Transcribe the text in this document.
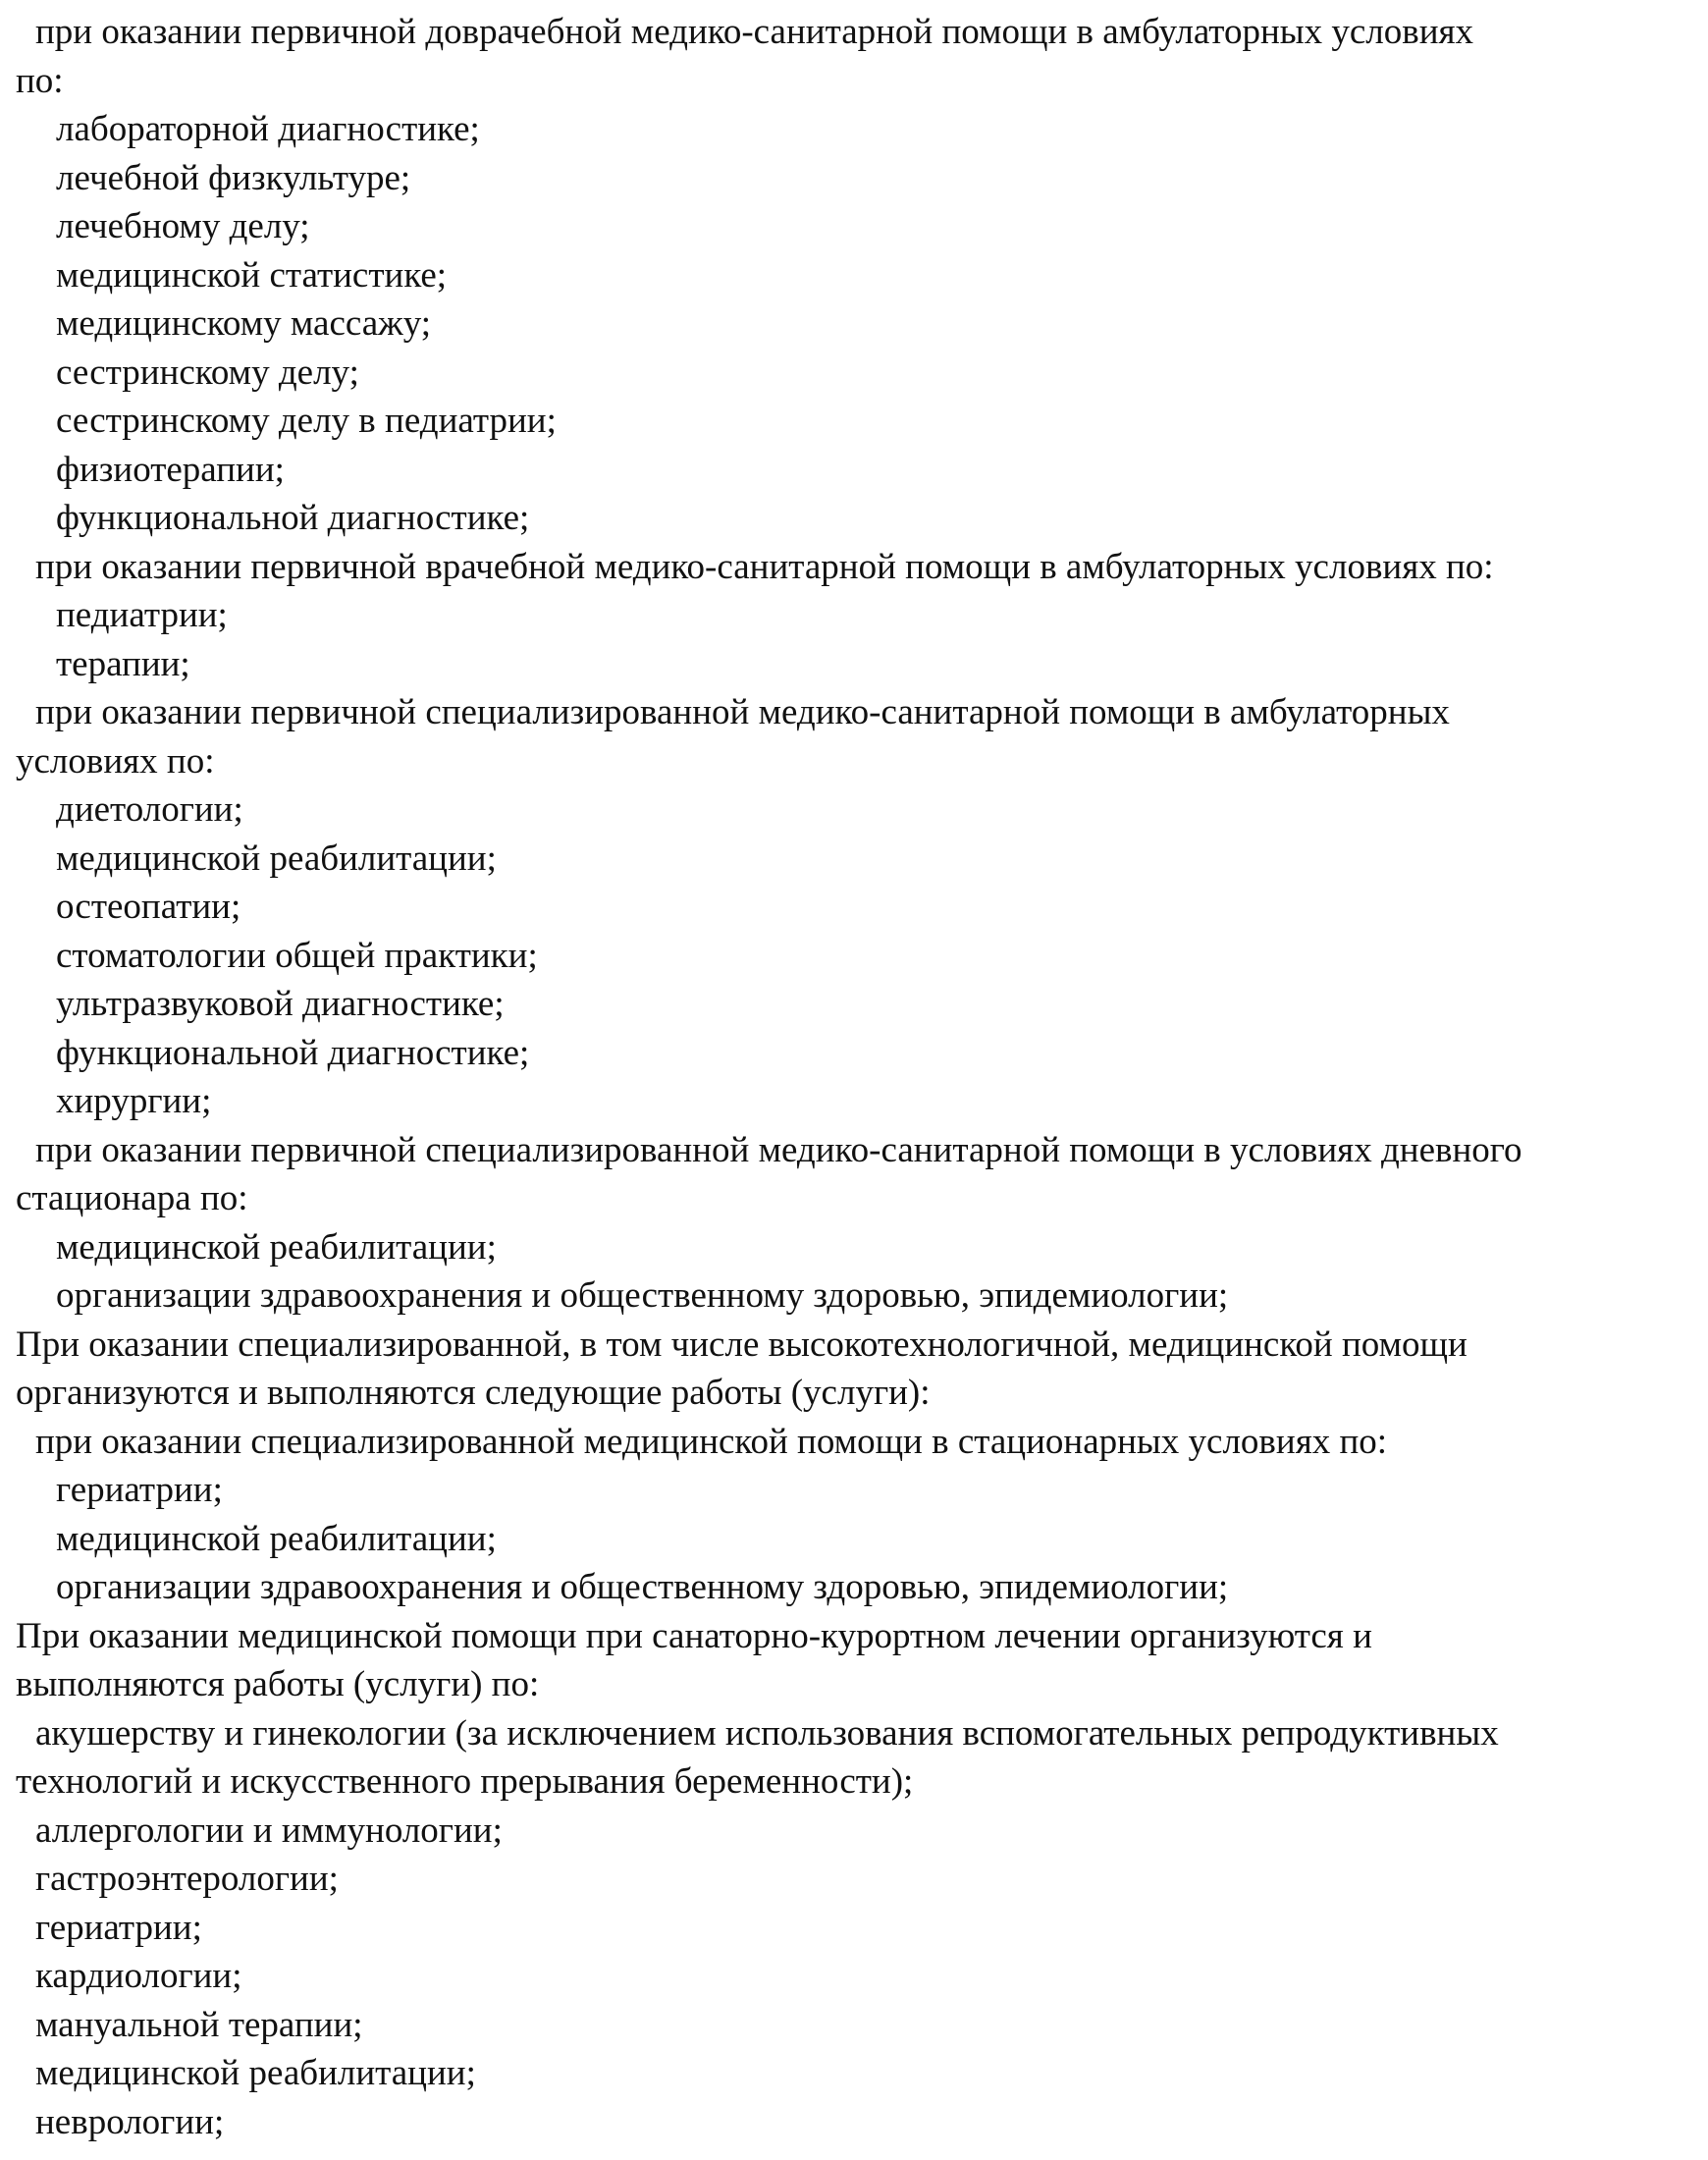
при оказании первичной доврачебной медико-санитарной помощи в амбулаторных условиях
по:
лабораторной диагностике;
лечебной физкультуре;
лечебному делу;
медицинской статистике;
медицинскому массажу;
сестринскому делу;
сестринскому делу в педиатрии;
физиотерапии;
функциональной диагностике;
при оказании первичной врачебной медико-санитарной помощи в амбулаторных условиях по:
педиатрии;
терапии;
при оказании первичной специализированной медико-санитарной помощи в амбулаторных
условиях по:
диетологии;
медицинской реабилитации;
остеопатии;
стоматологии общей практики;
ультразвуковой диагностике;
функциональной диагностике;
хирургии;
при оказании первичной специализированной медико-санитарной помощи в условиях дневного
стационара по:
медицинской реабилитации;
организации здравоохранения и общественному здоровью, эпидемиологии;
При оказании специализированной, в том числе высокотехнологичной, медицинской помощи
организуются и выполняются следующие работы (услуги):
при оказании специализированной медицинской помощи в стационарных условиях по:
гериатрии;
медицинской реабилитации;
организации здравоохранения и общественному здоровью, эпидемиологии;
При оказании медицинской помощи при санаторно-курортном лечении организуются и
выполняются работы (услуги) по:
акушерству и гинекологии (за исключением использования вспомогательных репродуктивных
технологий и искусственного прерывания беременности);
аллергологии и иммунологии;
гастроэнтерологии;
гериатрии;
кардиологии;
мануальной терапии;
медицинской реабилитации;
неврологии;
